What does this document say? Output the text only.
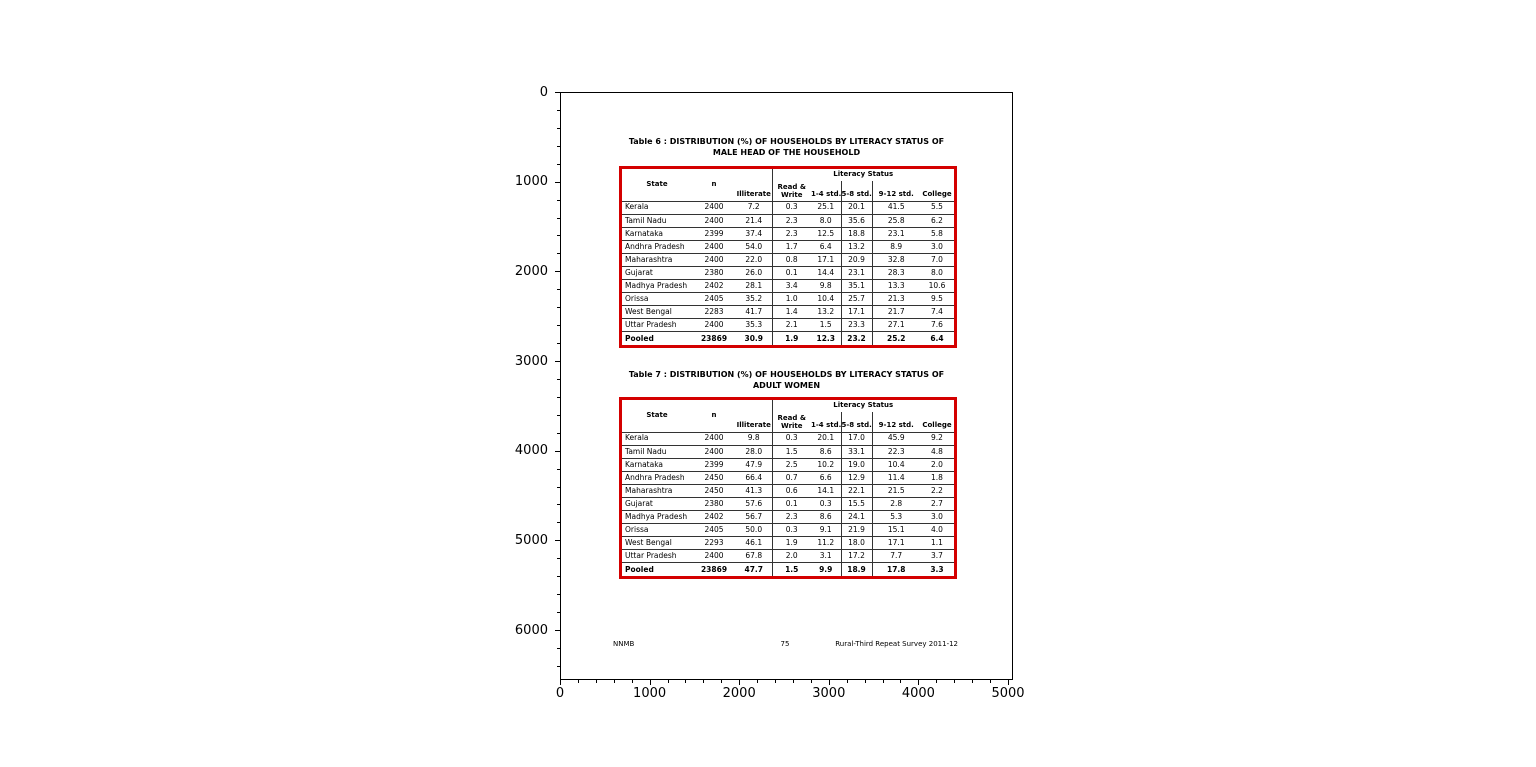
Table 6 : DISTRIBUTION (%) OF HOUSEHOLDS BY LITERACY STATUS OF
MALE HEAD OF THE HOUSEHOLD
State	n	Illiterate	Literacy Status				
			Read & Write	1-4 std.	5-8 std.	9-12 std.	College
Kerala	2400	7.2	0.3	25.1	20.1	41.5	5.5
Tamil Nadu	2400	21.4	2.3	8.0	35.6	25.8	6.2
Karnataka	2399	37.4	2.3	12.5	18.8	23.1	5.8
Andhra Pradesh	2400	54.0	1.7	6.4	13.2	8.9	3.0
Maharashtra	2400	22.0	0.8	17.1	20.9	32.8	7.0
Gujarat	2380	26.0	0.1	14.4	23.1	28.3	8.0
Madhya Pradesh	2402	28.1	3.4	9.8	35.1	13.3	10.6
Orissa	2405	35.2	1.0	10.4	25.7	21.3	9.5
West Bengal	2283	41.7	1.4	13.2	17.1	21.7	7.4
Uttar Pradesh	2400	35.3	2.1	1.5	23.3	27.1	7.6
Pooled	23869	30.9	1.9	12.3	23.2	25.2	6.4
Table 7 : DISTRIBUTION (%) OF HOUSEHOLDS BY LITERACY STATUS OF
ADULT WOMEN
State	n	Illiterate	Literacy Status				
			Read & Write	1-4 std.	5-8 std.	9-12 std.	College
Kerala	2400	9.8	0.3	20.1	17.0	45.9	9.2
Tamil Nadu	2400	28.0	1.5	8.6	33.1	22.3	4.8
Karnataka	2399	47.9	2.5	10.2	19.0	10.4	2.0
Andhra Pradesh	2450	66.4	0.7	6.6	12.9	11.4	1.8
Maharashtra	2450	41.3	0.6	14.1	22.1	21.5	2.2
Gujarat	2380	57.6	0.1	0.3	15.5	2.8	2.7
Madhya Pradesh	2402	56.7	2.3	8.6	24.1	5.3	3.0
Orissa	2405	50.0	0.3	9.1	21.9	15.1	4.0
West Bengal	2293	46.1	1.9	11.2	18.0	17.1	1.1
Uttar Pradesh	2400	67.8	2.0	3.1	17.2	7.7	3.7
Pooled	23869	47.7	1.5	9.9	18.9	17.8	3.3
NNMB	75	Rural-Third Repeat Survey 2011-12
0
1000
2000
3000
4000
5000
6000
0	1000	2000	3000	4000	5000
